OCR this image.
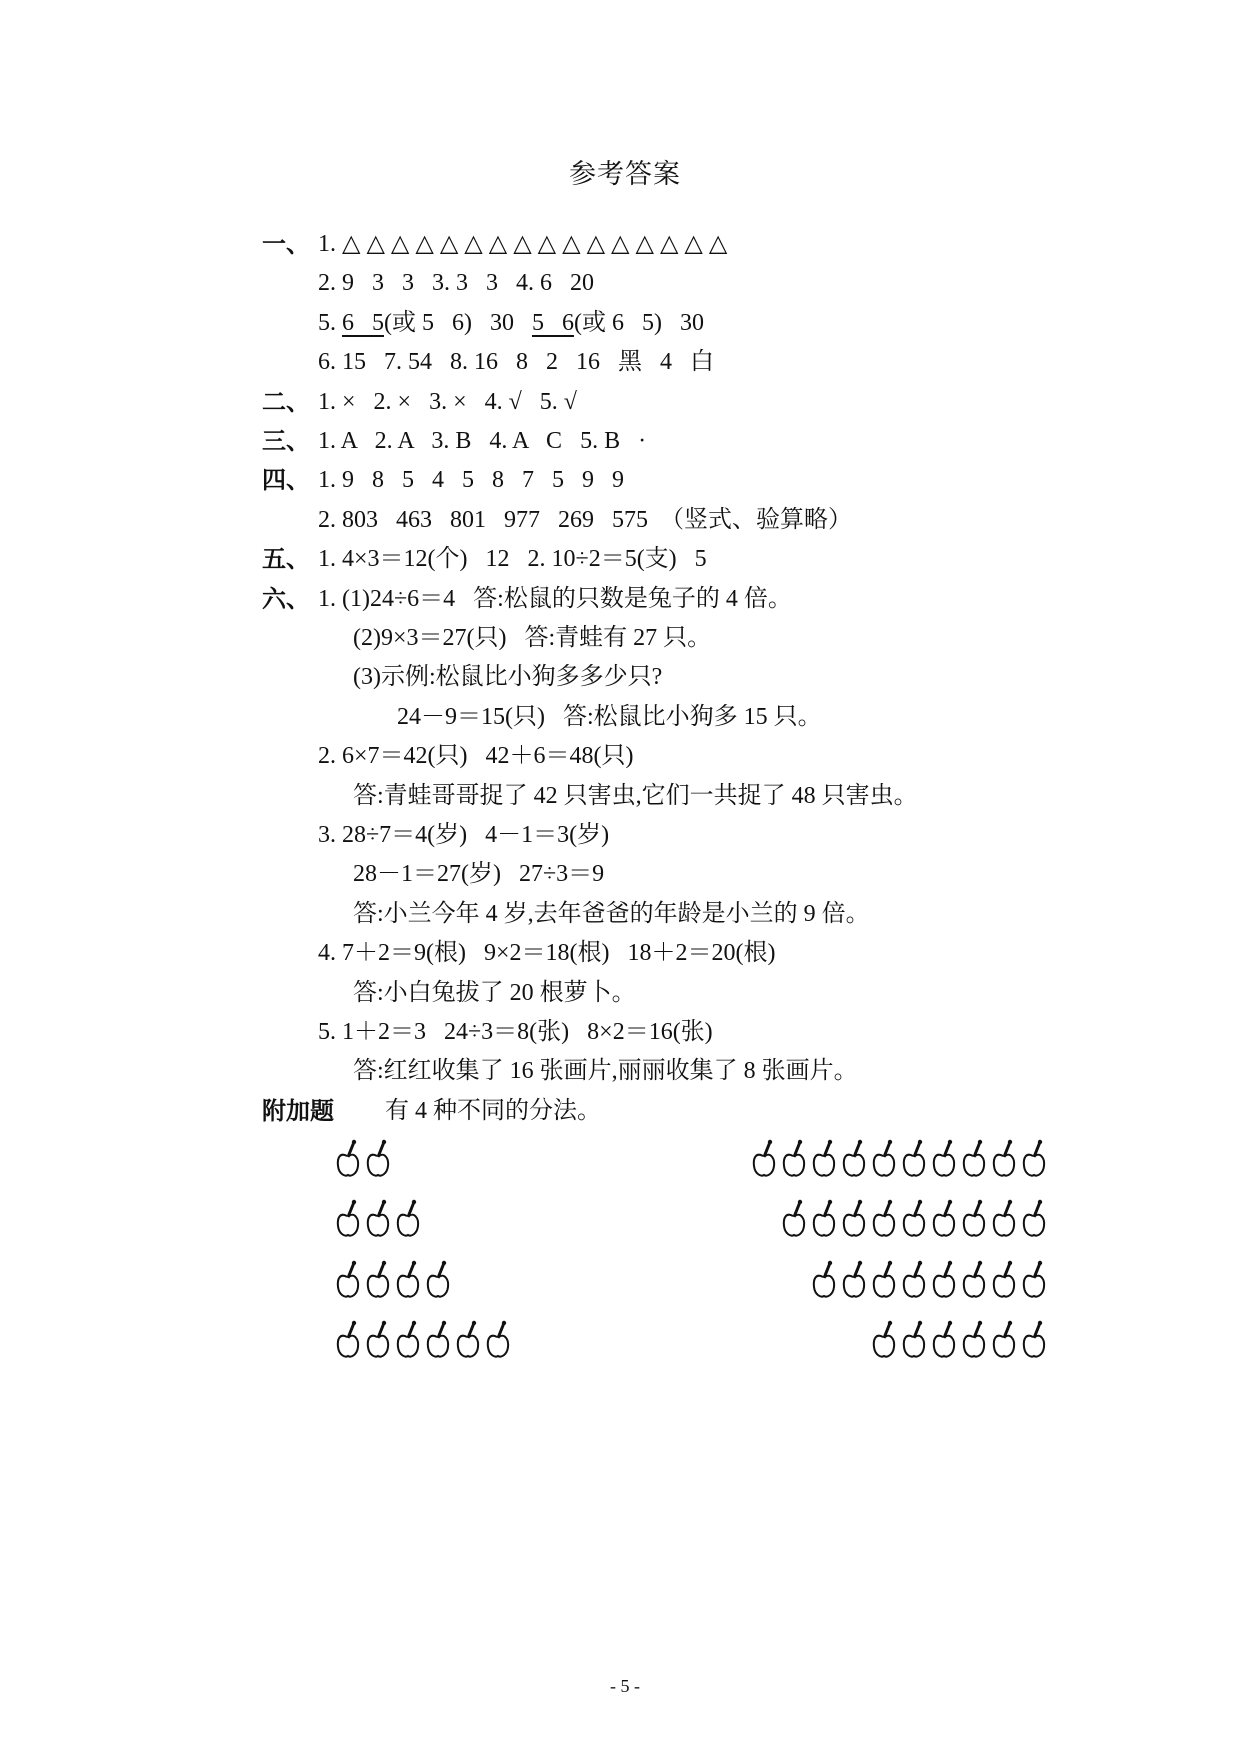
参考答案
一、 1. △ △ △ △ △ △ △ △ △ △ △ △ △ △ △ △
2. 9   3   3   3. 3   3   4. 6   20
5. 6   5(或 5   6)   30   5   6(或 6   5)   30
6. 15   7. 54   8. 16   8   2   16   黑   4   白
二、 1. ×   2. ×   3. ×   4. √   5. √
三、 1. A   2. A   3. B   4. A   C   5. B   ·
四、 1. 9   8   5   4   5   8   7   5   9   9
2. 803   463   801   977   269   575  （竖式、验算略）
五、 1. 4×3＝12(个)   12   2. 10÷2＝5(支)   5
六、 1. (1)24÷6＝4   答:松鼠的只数是兔子的 4 倍。
(2)9×3＝27(只)   答:青蛙有 27 只。
(3)示例:松鼠比小狗多多少只?
24－9＝15(只)   答:松鼠比小狗多 15 只。
2. 6×7＝42(只)   42＋6＝48(只)
答:青蛙哥哥捉了 42 只害虫,它们一共捉了 48 只害虫。
3. 28÷7＝4(岁)   4－1＝3(岁)
28－1＝27(岁)   27÷3＝9
答:小兰今年 4 岁,去年爸爸的年龄是小兰的 9 倍。
4. 7＋2＝9(根)   9×2＝18(根)   18＋2＝20(根)
答:小白兔拔了 20 根萝卜。
5. 1＋2＝3   24÷3＝8(张)   8×2＝16(张)
答:红红收集了 16 张画片,丽丽收集了 8 张画片。
附加题 有 4 种不同的分法。
- 5 -
